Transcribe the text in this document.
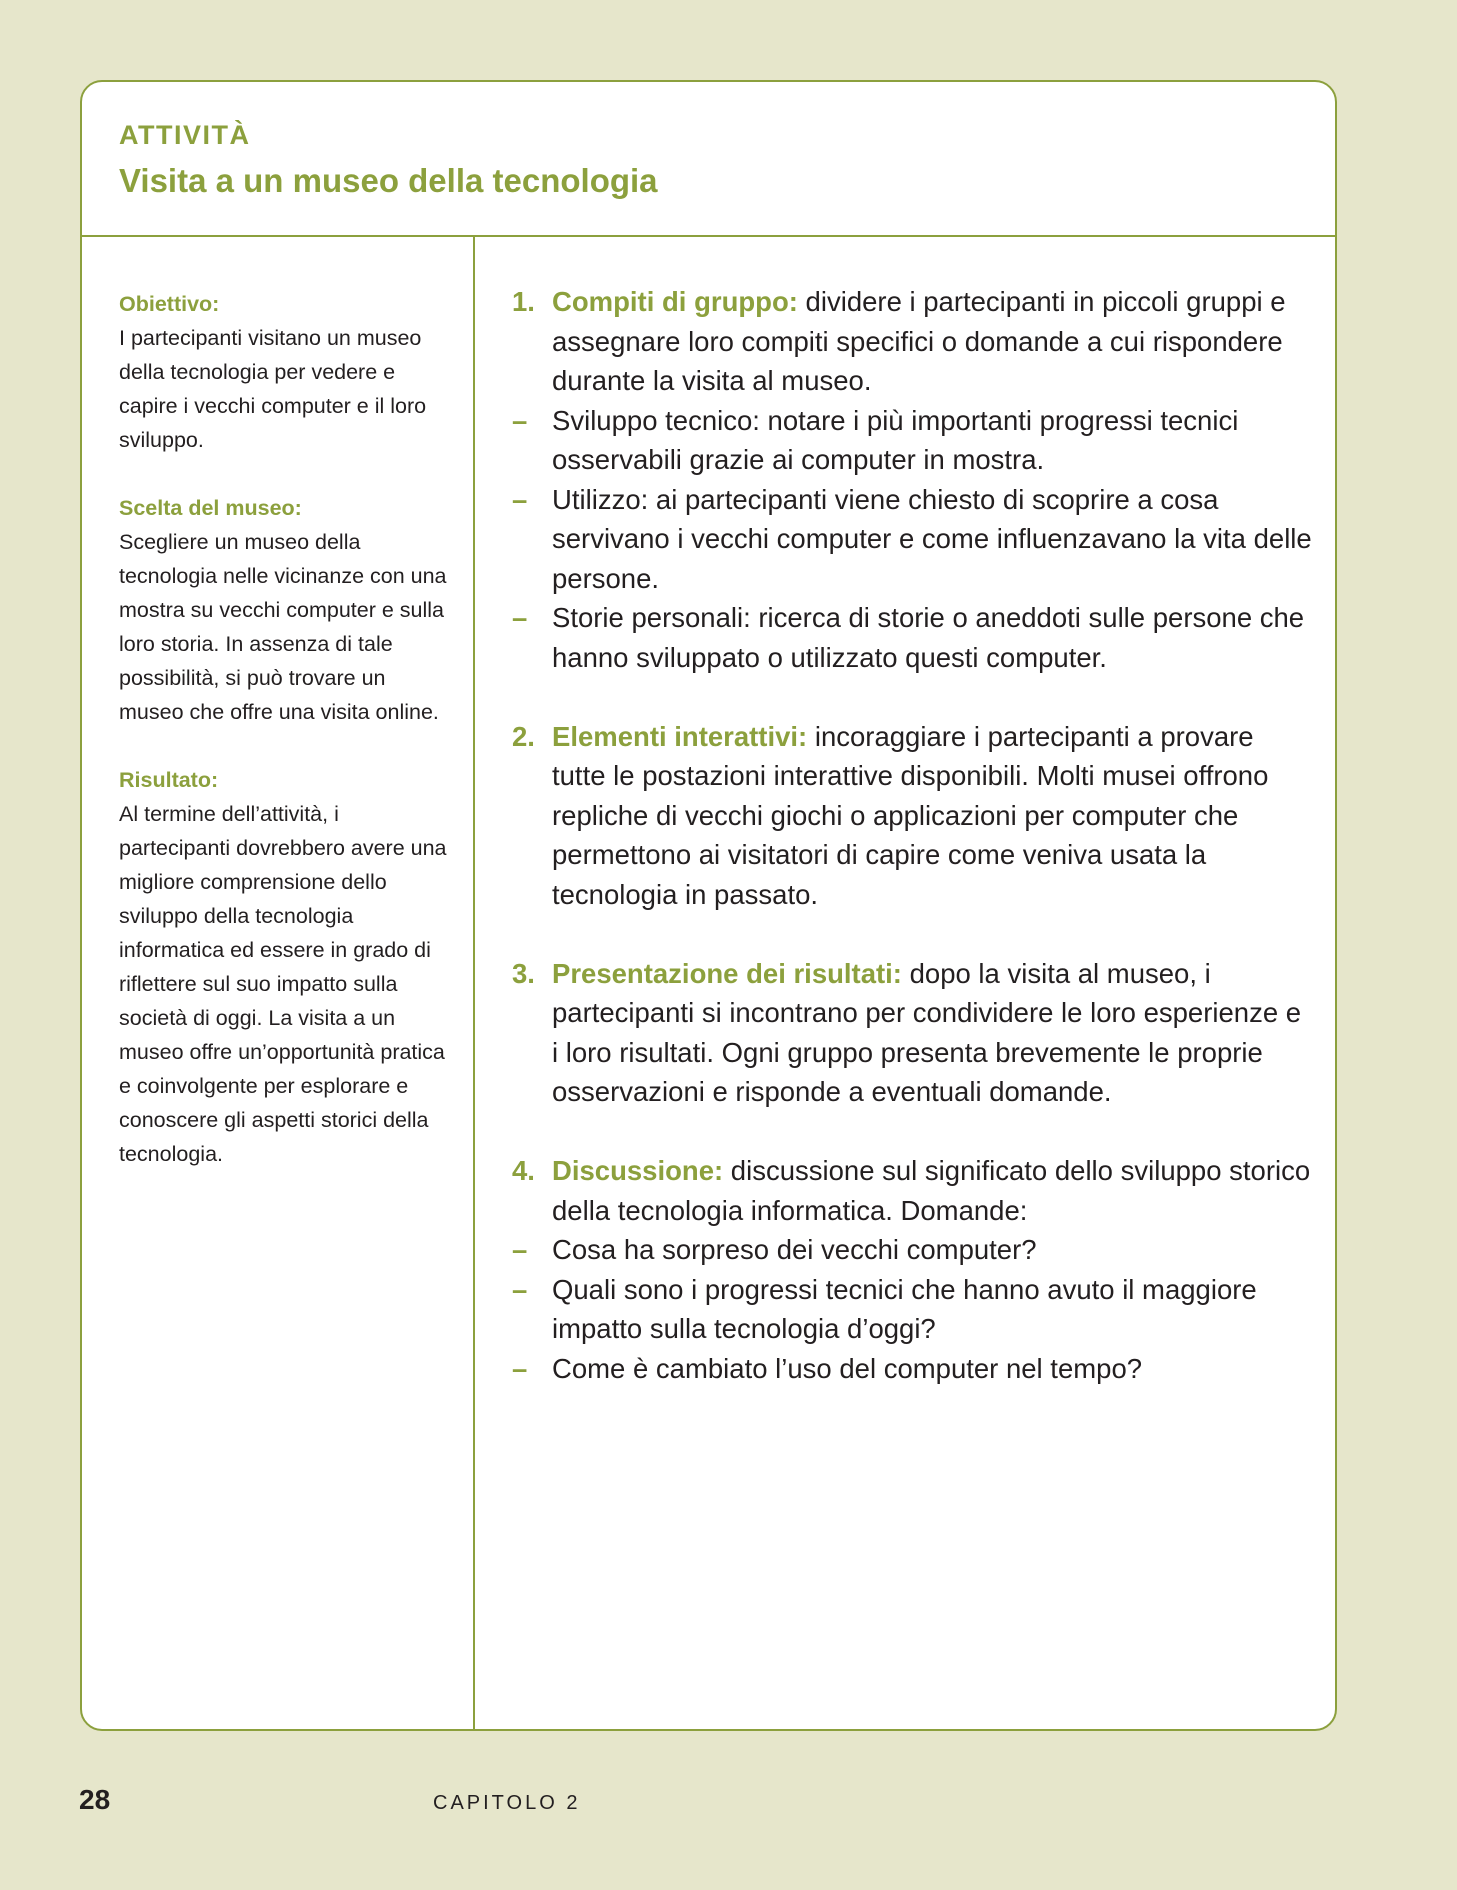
ATTIVITÀ

Visita a un museo della tecnologia
Obiettivo:
I partecipanti visitano un museo della tecnologia per vedere e capire i vecchi computer e il loro sviluppo.
Scelta del museo:
Scegliere un museo della tecnologia nelle vicinanze con una mostra su vecchi computer e sulla loro storia. In assenza di tale possibilità, si può trovare un museo che offre una visita online.
Risultato:
Al termine dell’attività, i partecipanti dovrebbero avere una migliore comprensione dello sviluppo della tecnologia informatica ed essere in grado di riflettere sul suo impatto sulla società di oggi. La visita a un museo offre un’opportunità pratica e coinvolgente per esplorare e conoscere gli aspetti storici della tecnologia.
1. Compiti di gruppo: dividere i partecipanti in piccoli gruppi e assegnare loro compiti specifici o domande a cui rispondere durante la visita al museo.
– Sviluppo tecnico: notare i più importanti progressi tecnici osservabili grazie ai computer in mostra.
– Utilizzo: ai partecipanti viene chiesto di scoprire a cosa servivano i vecchi computer e come influenzavano la vita delle persone.
– Storie personali: ricerca di storie o aneddoti sulle persone che hanno sviluppato o utilizzato questi computer.
2. Elementi interattivi: incoraggiare i partecipanti a provare tutte le postazioni interattive disponibili. Molti musei offrono repliche di vecchi giochi o applicazioni per computer che permettono ai visitatori di capire come veniva usata la tecnologia in passato.
3. Presentazione dei risultati: dopo la visita al museo, i partecipanti si incontrano per condividere le loro esperienze e i loro risultati. Ogni gruppo presenta brevemente le proprie osservazioni e risponde a eventuali domande.
4. Discussione: discussione sul significato dello sviluppo storico della tecnologia informatica. Domande:
– Cosa ha sorpreso dei vecchi computer?
– Quali sono i progressi tecnici che hanno avuto il maggiore impatto sulla tecnologia d’oggi?
– Come è cambiato l’uso del computer nel tempo?
28	CAPITOLO 2
